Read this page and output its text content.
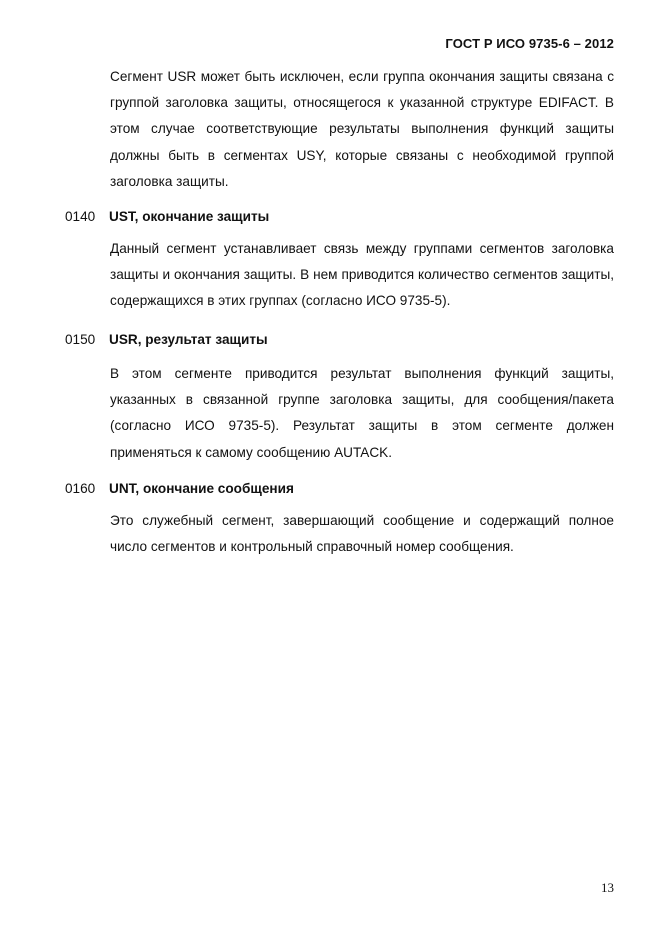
ГОСТ Р ИСО 9735-6 – 2012

Сегмент USR может быть исключен, если группа окончания защиты связана с группой заголовка защиты, относящегося к указанной структуре EDIFACT. В этом случае соответствующие результаты выполнения функций защиты должны быть в сегментах USY, которые связаны с необходимой группой заголовка защиты.

0140 UST, окончание защиты

Данный сегмент устанавливает связь между группами сегментов заголовка защиты и окончания защиты. В нем приводится количество сегментов защиты, содержащихся в этих группах (согласно ИСО 9735-5).

0150 USR, результат защиты

В этом сегменте приводится результат выполнения функций защиты, указанных в связанной группе заголовка защиты, для сообщения/пакета (согласно ИСО 9735-5). Результат защиты в этом сегменте должен применяться к самому сообщению AUTACK.

0160 UNT, окончание сообщения

Это служебный сегмент, завершающий сообщение и содержащий полное число сегментов и контрольный справочный номер сообщения.

13
